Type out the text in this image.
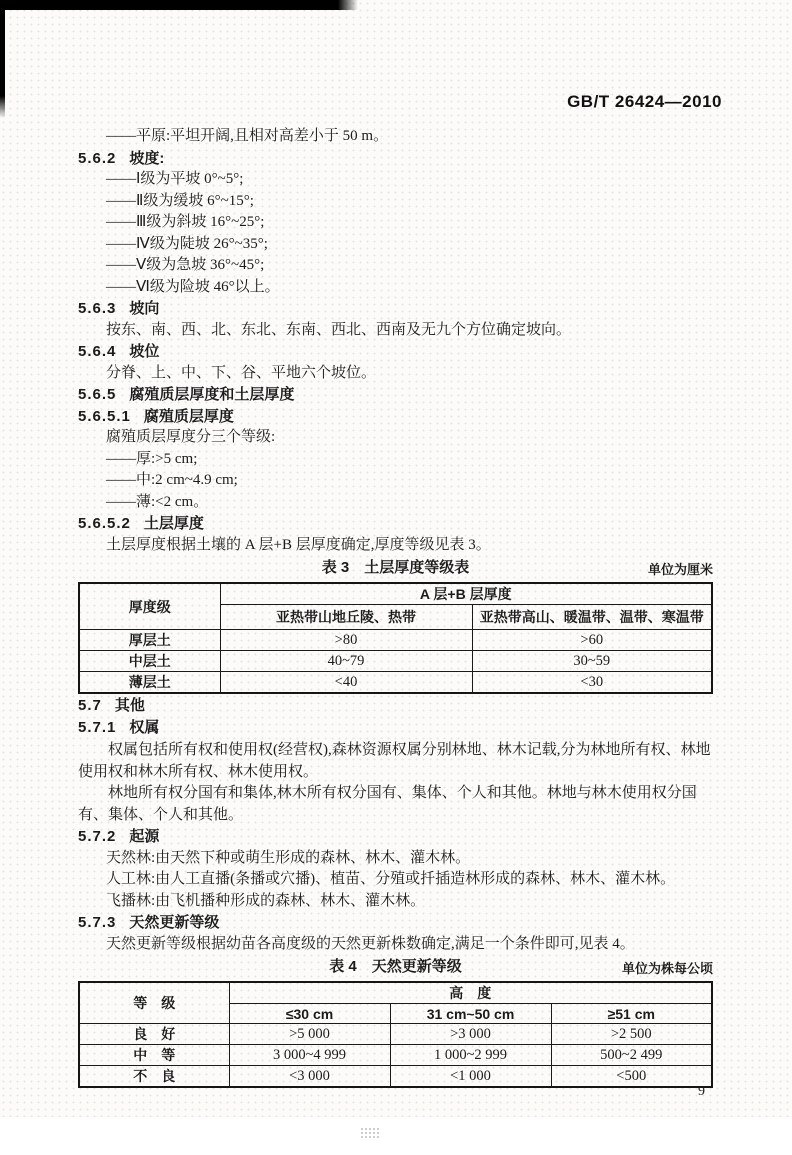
GB/T 26424—2010
——平原:平坦开阔,且相对高差小于 50 m。
5.6.2 坡度:
——Ⅰ级为平坡 0°~5°;
——Ⅱ级为缓坡 6°~15°;
——Ⅲ级为斜坡 16°~25°;
——Ⅳ级为陡坡 26°~35°;
——Ⅴ级为急坡 36°~45°;
——Ⅵ级为险坡 46°以上。
5.6.3 坡向
按东、南、西、北、东北、东南、西北、西南及无九个方位确定坡向。
5.6.4 坡位
分脊、上、中、下、谷、平地六个坡位。
5.6.5 腐殖质层厚度和土层厚度
5.6.5.1 腐殖质层厚度
腐殖质层厚度分三个等级:
——厚:>5 cm;
——中:2 cm~4.9 cm;
——薄:<2 cm。
5.6.5.2 土层厚度
土层厚度根据土壤的 A 层+B 层厚度确定,厚度等级见表 3。
表 3　土层厚度等级表	单位为厘米
厚度级	A 层+B 层厚度	
	亚热带山地丘陵、热带	亚热带高山、暖温带、温带、寒温带
厚层土	>80	>60
中层土	40~79	30~59
薄层土	<40	<30
5.7 其他
5.7.1 权属
权属包括所有权和使用权(经营权),森林资源权属分别林地、林木记载,分为林地所有权、林地使用权和林木所有权、林木使用权。
林地所有权分国有和集体,林木所有权分国有、集体、个人和其他。林地与林木使用权分国有、集体、个人和其他。
5.7.2 起源
天然林:由天然下种或萌生形成的森林、林木、灌木林。
人工林:由人工直播(条播或穴播)、植苗、分殖或扦插造林形成的森林、林木、灌木林。
飞播林:由飞机播种形成的森林、林木、灌木林。
5.7.3 天然更新等级
天然更新等级根据幼苗各高度级的天然更新株数确定,满足一个条件即可,见表 4。
表 4　天然更新等级	单位为株每公顷
等　级	高　度		
	≤30 cm	31 cm~50 cm	≥51 cm
良　好	>5 000	>3 000	>2 500
中　等	3 000~4 999	1 000~2 999	500~2 499
不　良	<3 000	<1 000	<500
9
